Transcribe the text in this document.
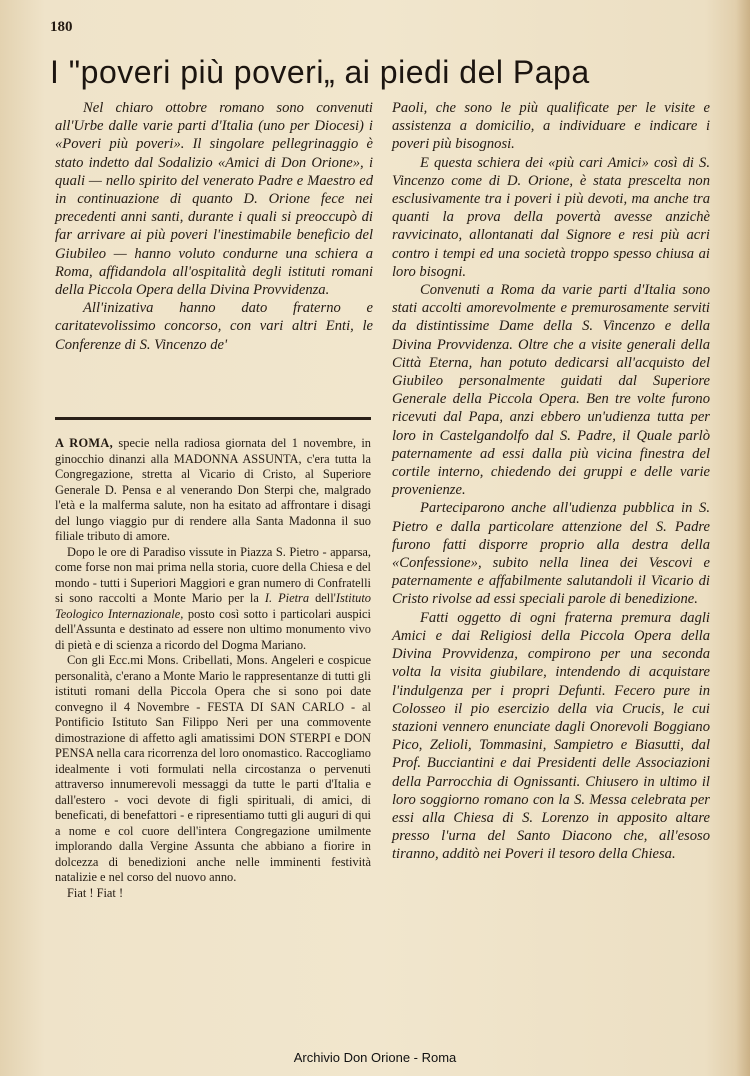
180
I "poveri più poveri„ ai piedi del Papa

Nel chiaro ottobre romano sono convenuti all'Urbe dalle varie parti d'Italia (uno per Diocesi) i «Poveri più poveri». Il singolare pellegrinaggio è stato indetto dal Sodalizio «Amici di Don Orione», i quali — nello spirito del venerato Padre e Maestro ed in continuazione di quanto D. Orione fece nei precedenti anni santi, durante i quali si preoccupò di far arrivare ai più poveri l'inestimabile beneficio del Giubileo — hanno voluto condurne una schiera a Roma, affidandola all'ospitalità degli istituti romani della Piccola Opera della Divina Provvidenza.

All'inizativa hanno dato fraterno e caritatevolissimo concorso, con vari altri Enti, le Conferenze di S. Vincenzo de'

A ROMA, specie nella radiosa giornata del 1 novembre, in ginocchio dinanzi alla MADONNA ASSUNTA, c'era tutta la Congregazione, stretta al Vicario di Cristo, al Superiore Generale D. Pensa e al venerando Don Sterpi che, malgrado l'età e la malferma salute, non ha esitato ad affrontare i disagi del lungo viaggio pur di rendere alla Santa Madonna il suo filiale tributo di amore.

Dopo le ore di Paradiso vissute in Piazza S. Pietro - apparsa, come forse non mai prima nella storia, cuore della Chiesa e del mondo - tutti i Superiori Maggiori e gran numero di Confratelli si sono raccolti a Monte Mario per la I. Pietra dell'Istituto Teologico Internazionale, posto così sotto i particolari auspici dell'Assunta e destinato ad essere non ultimo monumento vivo di pietà e di scienza a ricordo del Dogma Mariano.

Con gli Ecc.mi Mons. Cribellati, Mons. Angeleri e cospicue personalità, c'erano a Monte Mario le rappresentanze di tutti gli istituti romani della Piccola Opera che si sono poi date convegno il 4 Novembre - FESTA DI SAN CARLO - al Pontificio Istituto San Filippo Neri per una commovente dimostrazione di affetto agli amatissimi DON STERPI e DON PENSA nella cara ricorrenza del loro onomastico. Raccogliamo idealmente i voti formulati nella circostanza o pervenuti attraverso innumerevoli messaggi da tutte le parti d'Italia e dall'estero - voci devote di figli spirituali, di amici, di beneficati, di benefattori - e ripresentiamo tutti gli auguri di qui a nome e col cuore dell'intera Congregazione umilmente implorando dalla Vergine Assunta che abbiano a fiorire in dolcezza di benedizioni anche nelle imminenti festività natalizie e nel corso del nuovo anno.

Fiat ! Fiat !

Paoli, che sono le più qualificate per le visite e assistenza a domicilio, a individuare e indicare i poveri più bisognosi.

E questa schiera dei «più cari Amici» così di S. Vincenzo come di D. Orione, è stata prescelta non esclusivamente tra i poveri i più devoti, ma anche tra quanti la prova della povertà avesse anzichè ravvicinato, allontanati dal Signore e resi più acri contro i tempi ed una società troppo spesso chiusa ai loro bisogni.

Convenuti a Roma da varie parti d'Italia sono stati accolti amorevolmente e premurosamente serviti da distintissime Dame della S. Vincenzo e della Divina Provvidenza. Oltre che a visite generali della Città Eterna, han potuto dedicarsi all'acquisto del Giubileo personalmente guidati dal Superiore Generale della Piccola Opera. Ben tre volte furono ricevuti dal Papa, anzi ebbero un'udienza tutta per loro in Castelgandolfo dal S. Padre, il Quale parlò paternamente ad essi dalla più vicina finestra del cortile interno, chiedendo dei gruppi e delle varie provenienze.

Parteciparono anche all'udienza pubblica in S. Pietro e dalla particolare attenzione del S. Padre furono fatti disporre proprio alla destra della «Confessione», subito nella linea dei Vescovi e paternamente e affabilmente salutandoli il Vicario di Cristo rivolse ad essi speciali parole di benedizione.

Fatti oggetto di ogni fraterna premura dagli Amici e dai Religiosi della Piccola Opera della Divina Provvidenza, compirono per una seconda volta la visita giubilare, intendendo di acquistare l'indulgenza per i propri Defunti. Fecero pure in Colosseo il pio esercizio della via Crucis, le cui stazioni vennero enunciate dagli Onorevoli Boggiano Pico, Zelioli, Tommasini, Sampietro e Biasutti, dal Prof. Bucciantini e dai Presidenti delle Associazioni della Parrocchia di Ognissanti. Chiusero in ultimo il loro soggiorno romano con la S. Messa celebrata per essi alla Chiesa di S. Lorenzo in apposito altare presso l'urna del Santo Diacono che, all'esoso tiranno, additò nei Poveri il tesoro della Chiesa.

Archivio Don Orione - Roma
